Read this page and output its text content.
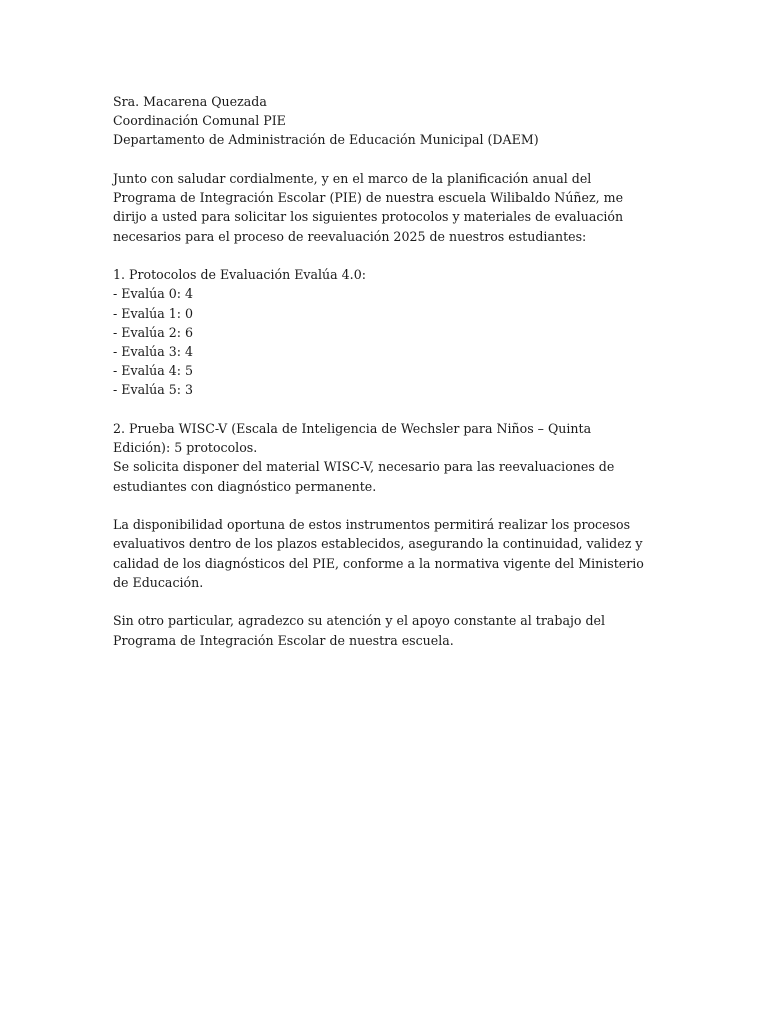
Sra. Macarena Quezada
Coordinación Comunal PIE
Departamento de Administración de Educación Municipal (DAEM)

Junto con saludar cordialmente, y en el marco de la planificación anual del Programa de Integración Escolar (PIE) de nuestra escuela Wilibaldo Núñez, me dirijo a usted para solicitar los siguientes protocolos y materiales de evaluación necesarios para el proceso de reevaluación 2025 de nuestros estudiantes:

1. Protocolos de Evaluación Evalúa 4.0:
- Evalúa 0: 4
- Evalúa 1: 0
- Evalúa 2: 6
- Evalúa 3: 4
- Evalúa 4: 5
- Evalúa 5: 3

2. Prueba WISC-V (Escala de Inteligencia de Wechsler para Niños – Quinta Edición): 5 protocolos.

Se solicita disponer del material WISC-V, necesario para las reevaluaciones de estudiantes con diagnóstico permanente.

La disponibilidad oportuna de estos instrumentos permitirá realizar los procesos evaluativos dentro de los plazos establecidos, asegurando la continuidad, validez y calidad de los diagnósticos del PIE, conforme a la normativa vigente del Ministerio de Educación.

Sin otro particular, agradezco su atención y el apoyo constante al trabajo del Programa de Integración Escolar de nuestra escuela.
